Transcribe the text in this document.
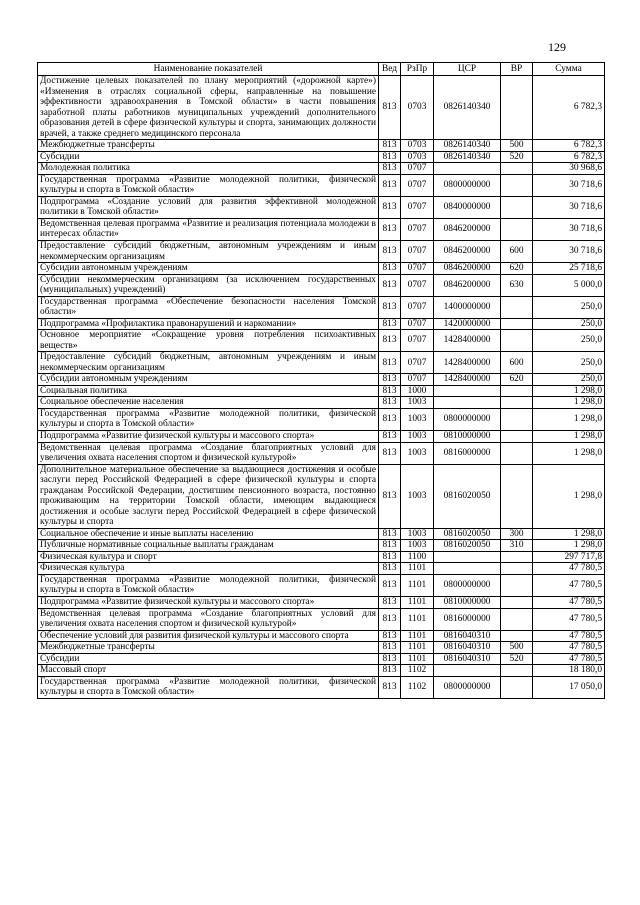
129
Наименование показателей	Вед	РзПр	ЦСР	ВР	Сумма
Достижение целевых показателей по плану мероприятий («дорожной карте») «Изменения в отраслях социальной сферы, направленные на повышение эффективности здравоохранения в Томской области» в части повышения заработной платы работников муниципальных учреждений дополнительного образования детей в сфере физической культуры и спорта, занимающих должности врачей, а также среднего медицинского персонала	813	0703	0826140340		6 782,3
Межбюджетные трансферты	813	0703	0826140340	500	6 782,3
Субсидии	813	0703	0826140340	520	6 782,3
Молодежная политика	813	0707			30 968,6
Государственная программа «Развитие молодежной политики, физической культуры и спорта в Томской области»	813	0707	0800000000		30 718,6
Подпрограмма «Создание условий для развития эффективной молодежной политики в Томской области»	813	0707	0840000000		30 718,6
Ведомственная целевая программа «Развитие и реализация потенциала молодежи в интересах области»	813	0707	0846200000		30 718,6
Предоставление субсидий бюджетным, автономным учреждениям и иным некоммерческим организациям	813	0707	0846200000	600	30 718,6
Субсидии автономным учреждениям	813	0707	0846200000	620	25 718,6
Субсидии некоммерческим организациям (за исключением государственных (муниципальных) учреждений)	813	0707	0846200000	630	5 000,0
Государственная программа «Обеспечение безопасности населения Томской области»	813	0707	1400000000		250,0
Подпрограмма «Профилактика правонарушений и наркомании»	813	0707	1420000000		250,0
Основное мероприятие «Сокращение уровня потребления психоактивных веществ»	813	0707	1428400000		250,0
Предоставление субсидий бюджетным, автономным учреждениям и иным некоммерческим организациям	813	0707	1428400000	600	250,0
Субсидии автономным учреждениям	813	0707	1428400000	620	250,0
Социальная политика	813	1000			1 298,0
Социальное обеспечение населения	813	1003			1 298,0
Государственная программа «Развитие молодежной политики, физической культуры и спорта в Томской области»	813	1003	0800000000		1 298,0
Подпрограмма «Развитие физической культуры и массового спорта»	813	1003	0810000000		1 298,0
Ведомственная целевая программа «Создание благоприятных условий для увеличения охвата населения спортом и физической культурой»	813	1003	0816000000		1 298,0
Дополнительное материальное обеспечение за выдающиеся достижения и особые заслуги перед Российской Федерацией в сфере физической культуры и спорта гражданам Российской Федерации, достигшим пенсионного возраста, постоянно проживающим на территории Томской области, имеющим выдающиеся достижения и особые заслуги перед Российской Федерацией в сфере физической культуры и спорта	813	1003	0816020050		1 298,0
Социальное обеспечение и иные выплаты населению	813	1003	0816020050	300	1 298,0
Публичные нормативные социальные выплаты гражданам	813	1003	0816020050	310	1 298,0
Физическая культура и спорт	813	1100			297 717,8
Физическая культура	813	1101			47 780,5
Государственная программа «Развитие молодежной политики, физической культуры и спорта в Томской области»	813	1101	0800000000		47 780,5
Подпрограмма «Развитие физической культуры и массового спорта»	813	1101	0810000000		47 780,5
Ведомственная целевая программа «Создание благоприятных условий для увеличения охвата населения спортом и физической культурой»	813	1101	0816000000		47 780,5
Обеспечение условий для развития физической культуры и массового спорта	813	1101	0816040310		47 780,5
Межбюджетные трансферты	813	1101	0816040310	500	47 780,5
Субсидии	813	1101	0816040310	520	47 780,5
Массовый спорт	813	1102			18 180,0
Государственная программа «Развитие молодежной политики, физической культуры и спорта в Томской области»	813	1102	0800000000		17 050,0
